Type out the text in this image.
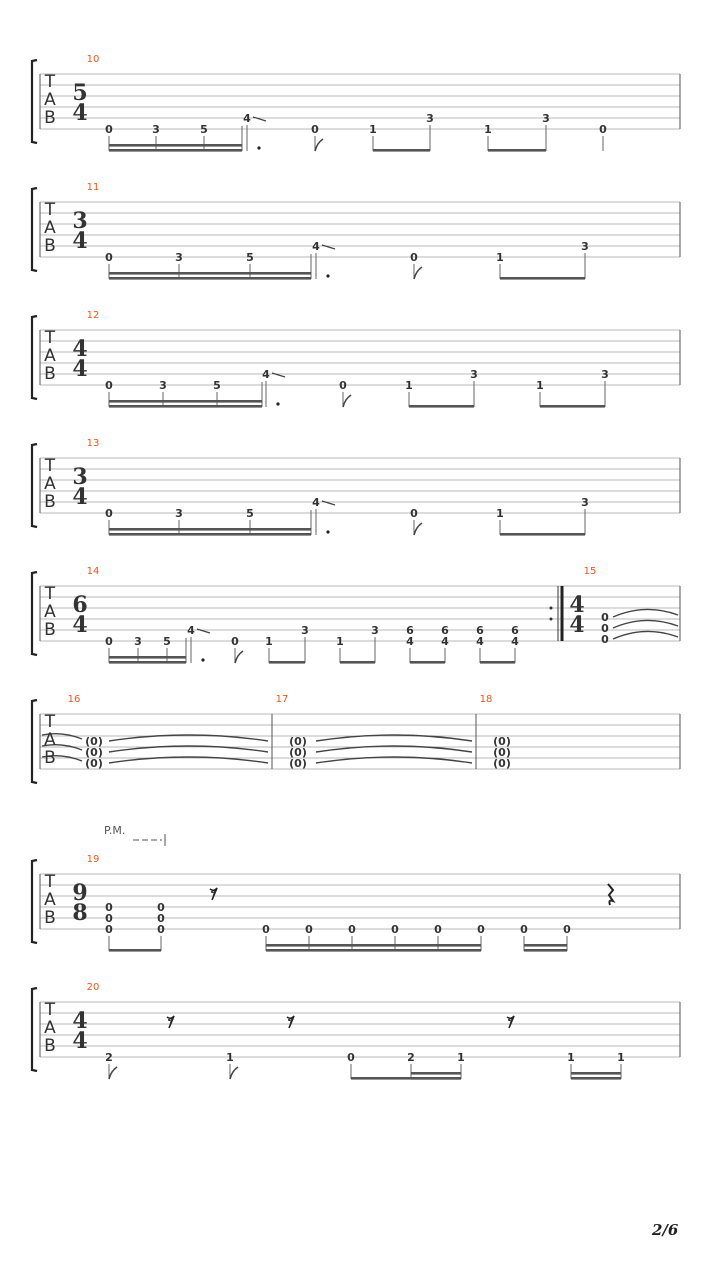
T
A
B
10
5
4
0	3	5
4
0	1
3
1
3
0
T
A
B
11
3
4
0	3	5
4
0	1
3
T
A
B
12
4
4
0	3	5
4
0	1
3
1
3
T
A
B
13
3
4
0	3	5
4
0	1
3
T
A
B
14
6
4
0 3 5
4
0 1
3
1
3 6
4
6
4
6
4
6
4
15
4
4 0
0
0
T
A
B
16
(0)
(0)
(0)
17
(0)
(0)
(0)
18
(0)
(0)
(0)
T
A
B
P.M.
19
9
8 0
0
0
0
0
0
𝄾
0	0	0	0	0	0	0	0
T
A
B
20
4
4
2
𝄾
1
𝄾
0	2	1
𝄾
1	1
2/6
